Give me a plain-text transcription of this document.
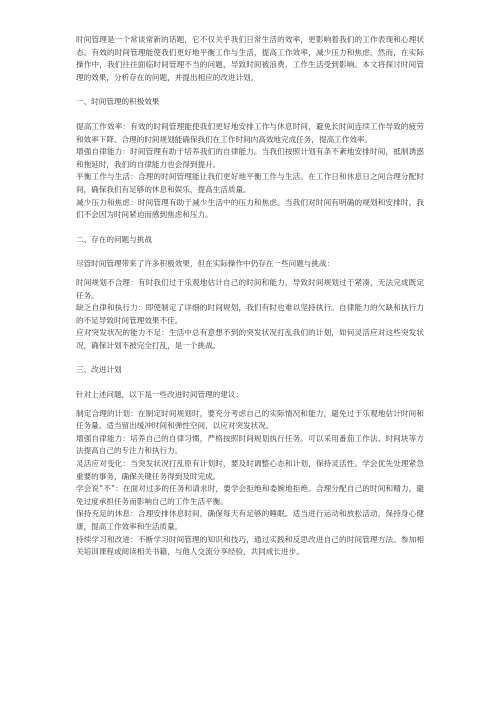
时间管理是一个常谈常新的话题，它不仅关乎我们日常生活的效率，更影响着我们的工作表现和心理状态。有效的时间管理能使我们更好地平衡工作与生活，提高工作效率，减少压力和焦虑。然而，在实际操作中，我们往往面临时间管理不当的问题，导致时间被浪费，工作生活受到影响。本文将探讨时间管理的效果，分析存在的问题，并提出相应的改进计划。

一、时间管理的积极效果

提高工作效率：有效的时间管理能使我们更好地安排工作与休息时间，避免长时间连续工作导致的疲劳和效率下降。合理的时间规划能确保我们在工作时间内高效地完成任务，提高工作效率。

增强自律能力：时间管理有助于培养我们的自律能力。当我们按照计划有条不紊地安排时间，抵制诱惑和拖延时，我们的自律能力也会得到提升。

平衡工作与生活：合理的时间管理能让我们更好地平衡工作与生活。在工作日和休息日之间合理分配时间，确保我们有足够的休息和娱乐，提高生活质量。

减少压力和焦虑：时间管理有助于减少生活中的压力和焦虑。当我们对时间有明确的规划和安排时，我们不会因为时间紧迫而感到焦虑和压力。

二、存在的问题与挑战

尽管时间管理带来了许多积极效果，但在实际操作中仍存在一些问题与挑战：

时间规划不合理：有时我们过于乐观地估计自己的时间和能力，导致时间规划过于紧凑，无法完成既定任务。

缺乏自律和执行力：即使制定了详细的时间规划，我们有时也难以坚持执行。自律能力的欠缺和执行力的不足导致时间管理效果不佳。

应对突发状况的能力不足：生活中总有意想不到的突发状况打乱我们的计划，如何灵活应对这些突发状况，确保计划不被完全打乱，是一个挑战。

三、改进计划

针对上述问题，以下是一些改进时间管理的建议：

制定合理的计划：在制定时间规划时，要充分考虑自己的实际情况和能力，避免过于乐观地估计时间和任务量。适当留出缓冲时间和弹性空间，以应对突发状况。

增强自律能力：培养自己的自律习惯，严格按照时间规划执行任务。可以采用番茄工作法、时间块等方法提高自己的专注力和执行力。

灵活应对变化：当突发状况打乱原有计划时，要及时调整心态和计划，保持灵活性。学会优先处理紧急重要的事务，确保关键任务得到及时完成。

学会说“不”：在面对过多的任务和请求时，要学会拒绝和委婉地拒绝。合理分配自己的时间和精力，避免过度承担任务而影响自己的工作生活平衡。

保持充足的休息：合理安排休息时间，确保每天有足够的睡眠。适当进行运动和放松活动，保持身心健康，提高工作效率和生活质量。

持续学习和改进：不断学习时间管理的知识和技巧，通过实践和反思改进自己的时间管理方法。参加相关培训课程或阅读相关书籍，与他人交流分享经验，共同成长进步。
